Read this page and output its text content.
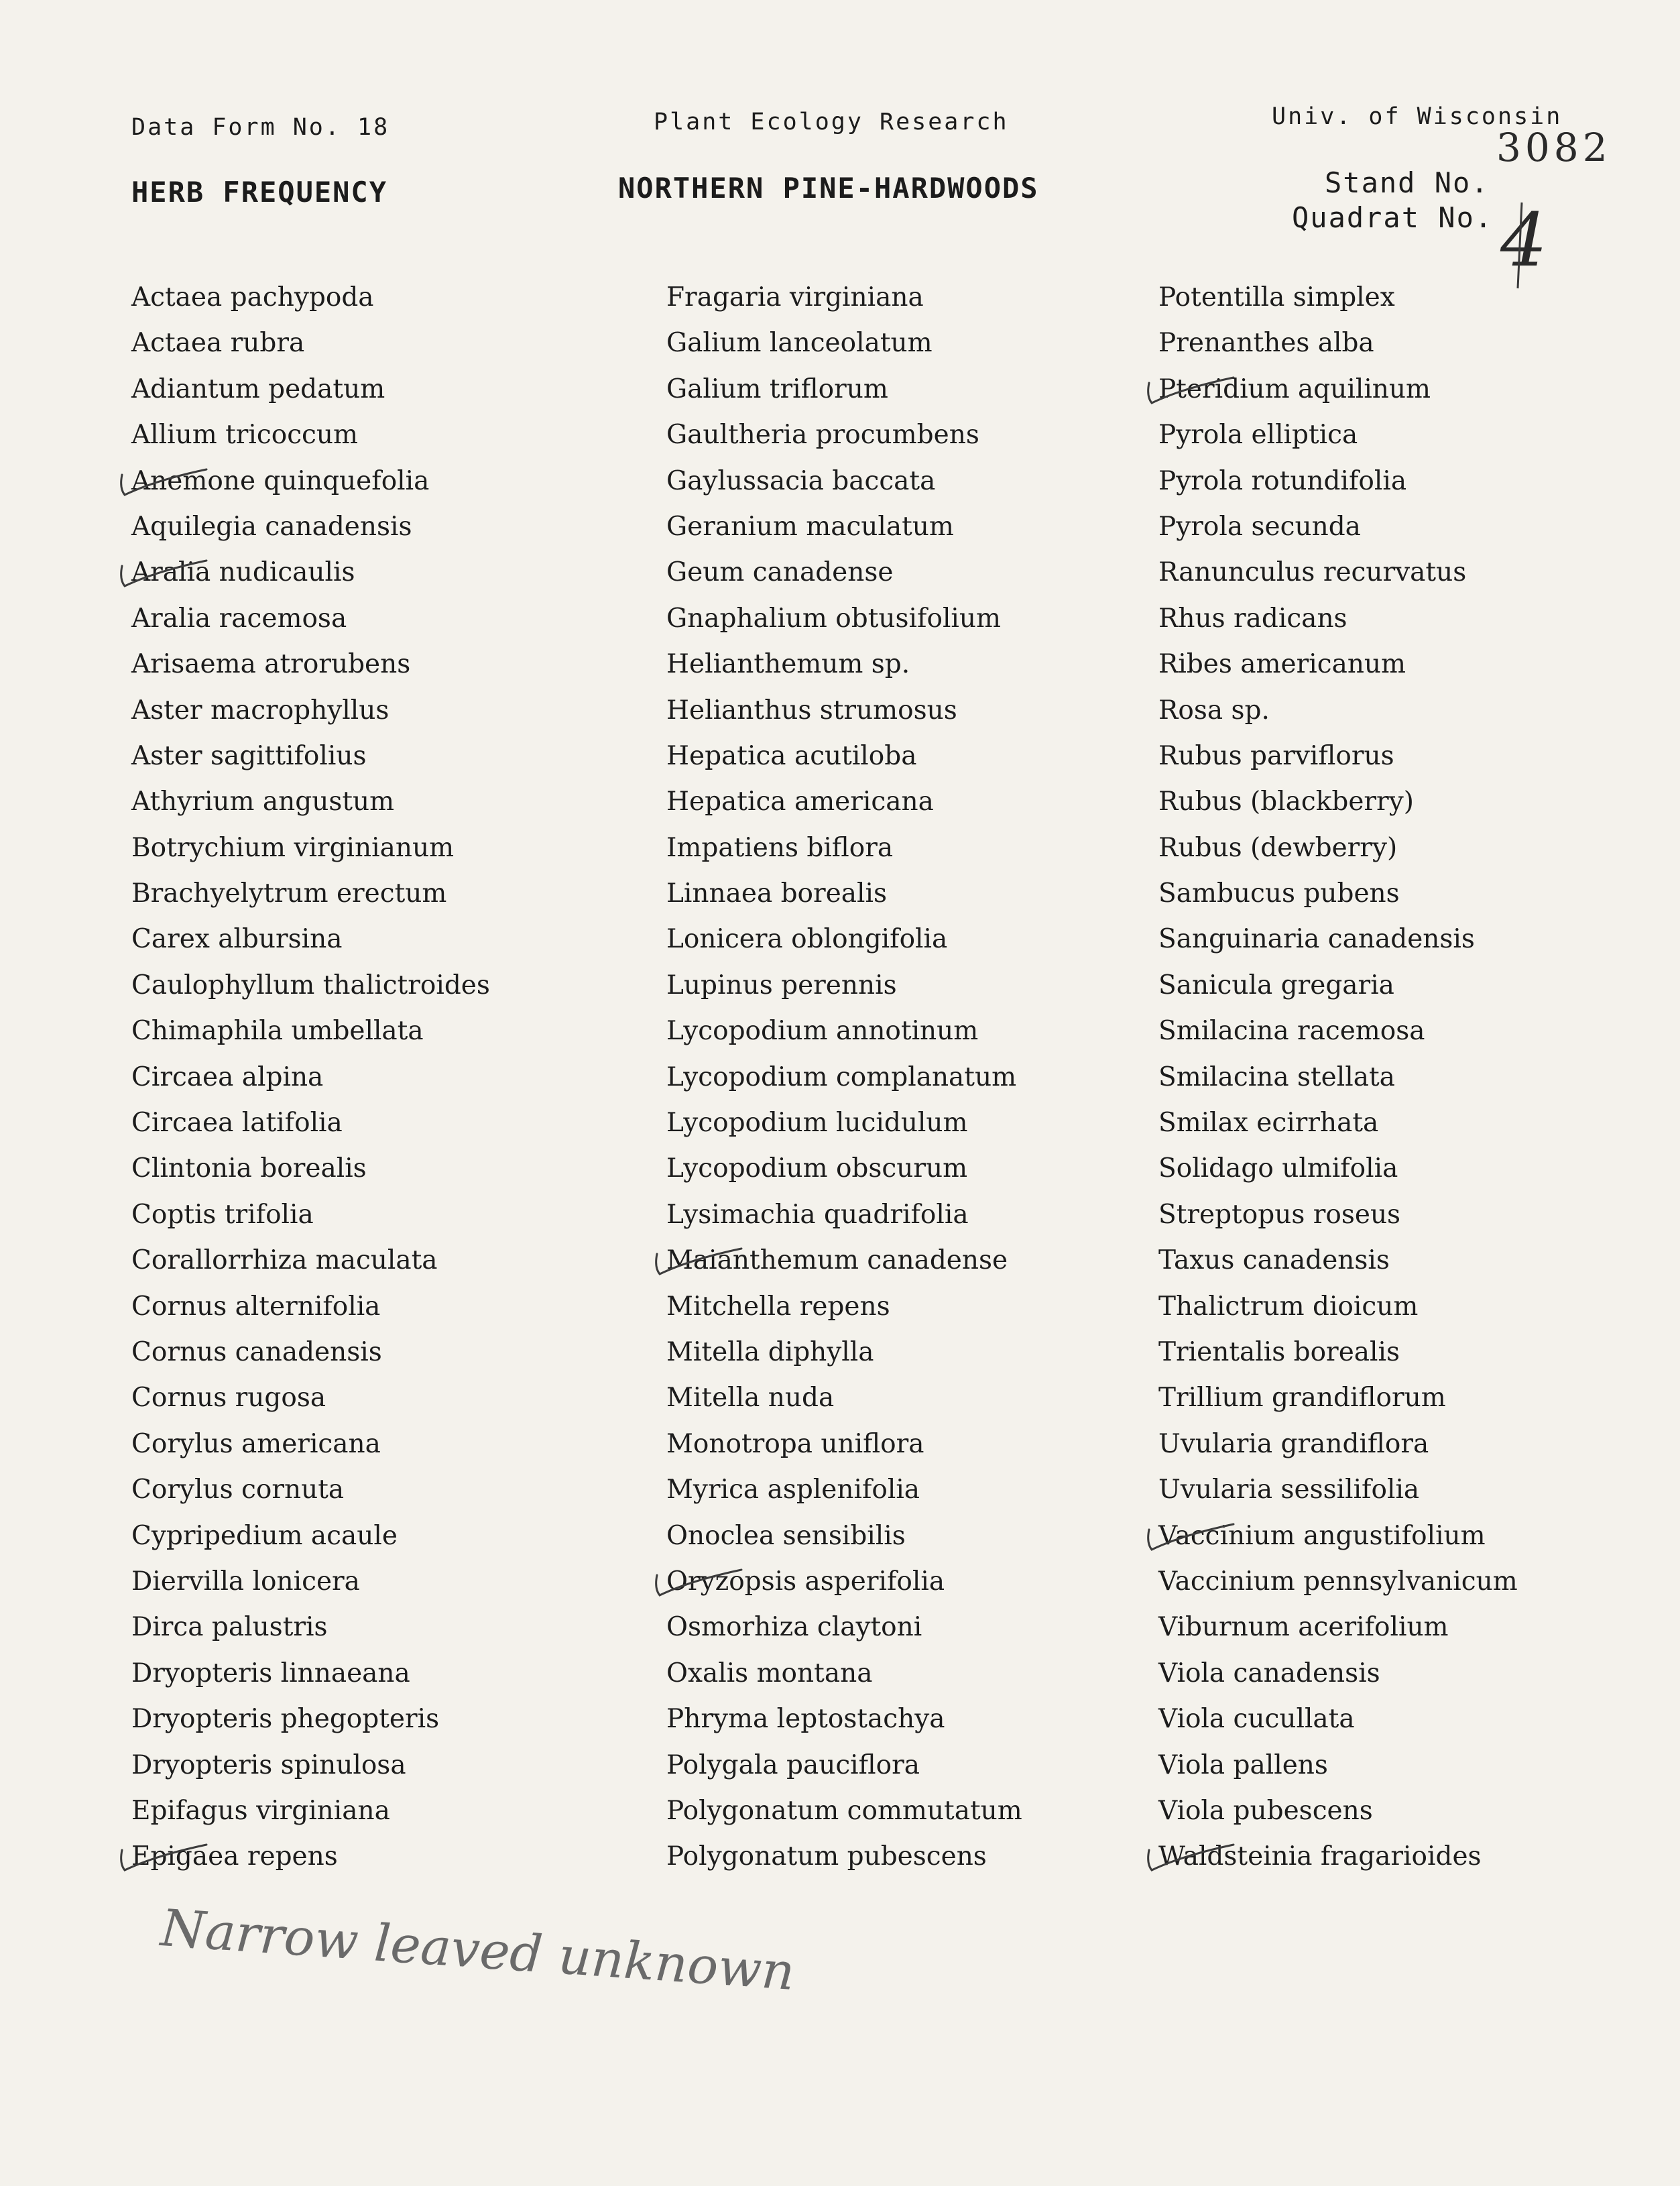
Data Form No. 18	Plant Ecology Research	Univ. of Wisconsin
HERB FREQUENCY	NORTHERN PINE-HARDWOODS
3082
Stand No.
Quadrat No. 4
Actaea pachypoda
Actaea rubra
Adiantum pedatum
Allium tricoccum
Anemone quinquefolia
Aquilegia canadensis
Aralia nudicaulis
Aralia racemosa
Arisaema atrorubens
Aster macrophyllus
Aster sagittifolius
Athyrium angustum
Botrychium virginianum
Brachyelytrum erectum
Carex albursina
Caulophyllum thalictroides
Chimaphila umbellata
Circaea alpina
Circaea latifolia
Clintonia borealis
Coptis trifolia
Corallorrhiza maculata
Cornus alternifolia
Cornus canadensis
Cornus rugosa
Corylus americana
Corylus cornuta
Cypripedium acaule
Diervilla lonicera
Dirca palustris
Dryopteris linnaeana
Dryopteris phegopteris
Dryopteris spinulosa
Epifagus virginiana
Epigaea repens
Fragaria virginiana
Galium lanceolatum
Galium triflorum
Gaultheria procumbens
Gaylussacia baccata
Geranium maculatum
Geum canadense
Gnaphalium obtusifolium
Helianthemum sp.
Helianthus strumosus
Hepatica acutiloba
Hepatica americana
Impatiens biflora
Linnaea borealis
Lonicera oblongifolia
Lupinus perennis
Lycopodium annotinum
Lycopodium complanatum
Lycopodium lucidulum
Lycopodium obscurum
Lysimachia quadrifolia
Maianthemum canadense
Mitchella repens
Mitella diphylla
Mitella nuda
Monotropa uniflora
Myrica asplenifolia
Onoclea sensibilis
Oryzopsis asperifolia
Osmorhiza claytoni
Oxalis montana
Phryma leptostachya
Polygala pauciflora
Polygonatum commutatum
Polygonatum pubescens
Potentilla simplex
Prenanthes alba
Pteridium aquilinum
Pyrola elliptica
Pyrola rotundifolia
Pyrola secunda
Ranunculus recurvatus
Rhus radicans
Ribes americanum
Rosa sp.
Rubus parviflorus
Rubus (blackberry)
Rubus (dewberry)
Sambucus pubens
Sanguinaria canadensis
Sanicula gregaria
Smilacina racemosa
Smilacina stellata
Smilax ecirrhata
Solidago ulmifolia
Streptopus roseus
Taxus canadensis
Thalictrum dioicum
Trientalis borealis
Trillium grandiflorum
Uvularia grandiflora
Uvularia sessilifolia
Vaccinium angustifolium
Vaccinium pennsylvanicum
Viburnum acerifolium
Viola canadensis
Viola cucullata
Viola pallens
Viola pubescens
Waldsteinia fragarioides
Narrow leaved unknown
